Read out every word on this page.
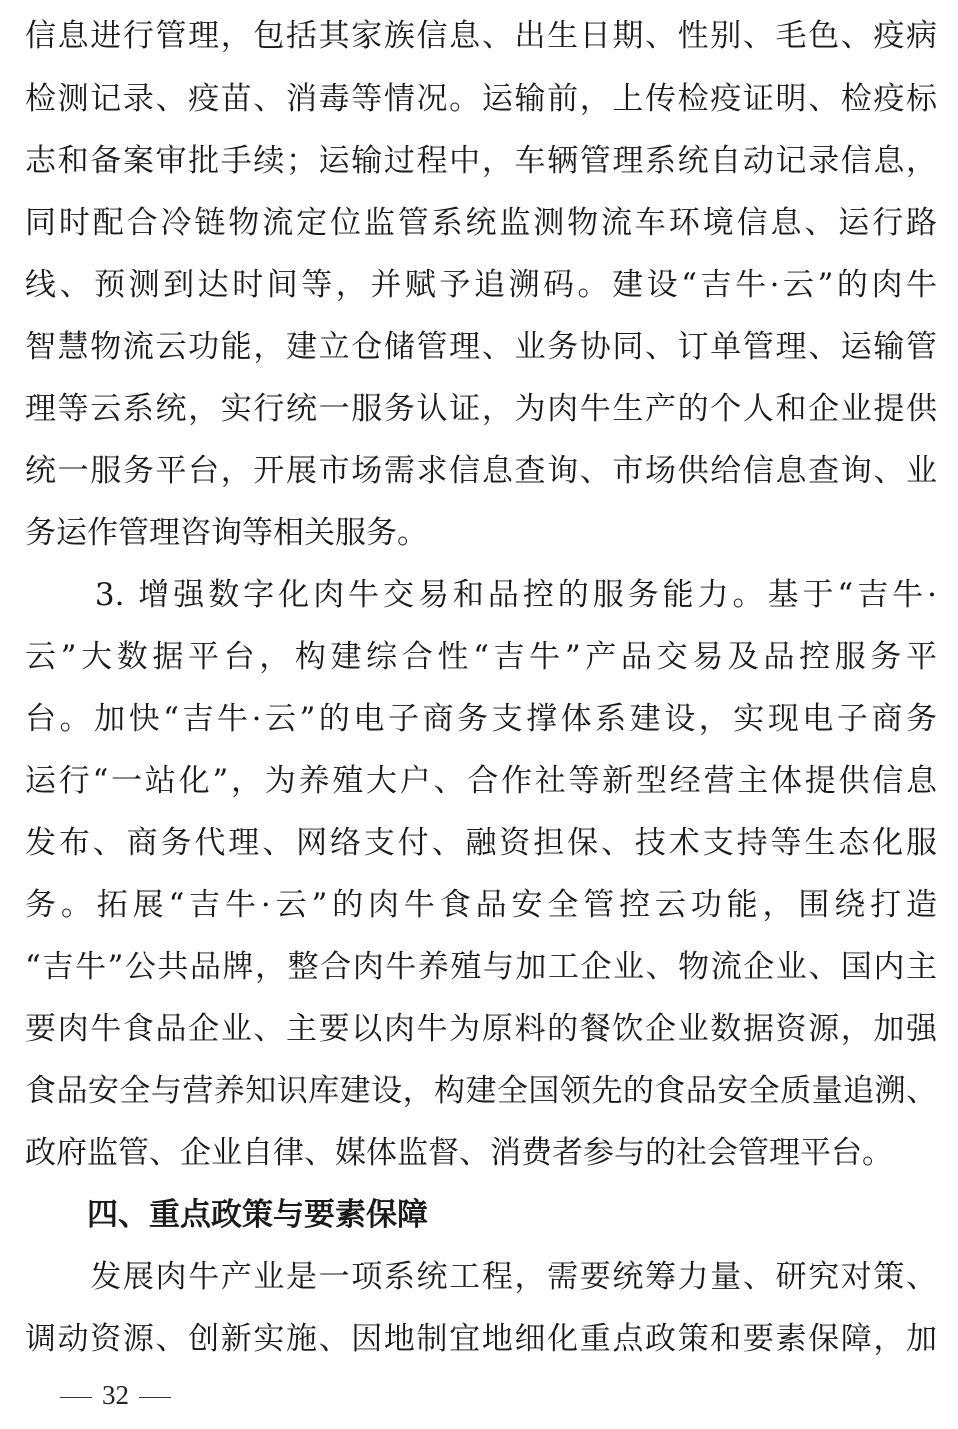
信息进行管理，包括其家族信息、出生日期、性别、毛色、疫病
检测记录、疫苗、消毒等情况。运输前，上传检疫证明、检疫标
志和备案审批手续；运输过程中，车辆管理系统自动记录信息，
同时配合冷链物流定位监管系统监测物流车环境信息、运行路
线、预测到达时间等，并赋予追溯码。建设“吉牛·云”的肉牛
智慧物流云功能，建立仓储管理、业务协同、订单管理、运输管
理等云系统，实行统一服务认证，为肉牛生产的个人和企业提供
统一服务平台，开展市场需求信息查询、市场供给信息查询、业
务运作管理咨询等相关服务。
　　3. 增强数字化肉牛交易和品控的服务能力。基于“吉牛·
云”大数据平台，构建综合性“吉牛”产品交易及品控服务平
台。加快“吉牛·云”的电子商务支撑体系建设，实现电子商务
运行“一站化”，为养殖大户、合作社等新型经营主体提供信息
发布、商务代理、网络支付、融资担保、技术支持等生态化服
务。拓展“吉牛·云”的肉牛食品安全管控云功能，围绕打造
“吉牛”公共品牌，整合肉牛养殖与加工企业、物流企业、国内主
要肉牛食品企业、主要以肉牛为原料的餐饮企业数据资源，加强
食品安全与营养知识库建设，构建全国领先的食品安全质量追溯、
政府监管、企业自律、媒体监督、消费者参与的社会管理平台。
四、重点政策与要素保障
　　发展肉牛产业是一项系统工程，需要统筹力量、研究对策、
调动资源、创新实施、因地制宜地细化重点政策和要素保障，加
32
